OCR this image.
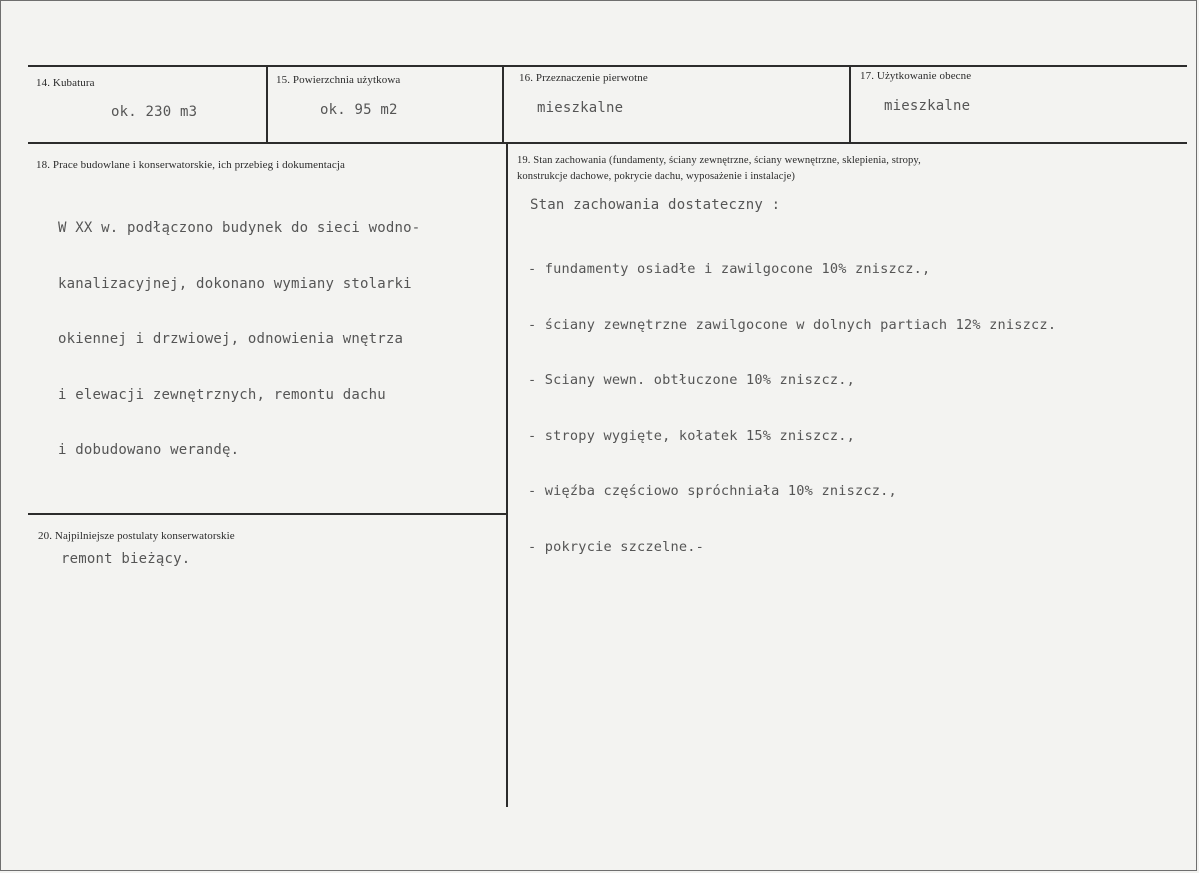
14. Kubatura
ok. 230 m3
15. Powierzchnia użytkowa
ok. 95 m2
16. Przeznaczenie pierwotne
mieszkalne
17. Użytkowanie obecne
mieszkalne
18. Prace budowlane i konserwatorskie, ich przebieg i dokumentacja

W XX w. podłączono budynek do sieci wodno-

kanalizacyjnej, dokonano wymiany stolarki

okiennej i drzwiowej, odnowienia wnętrza

i elewacji zewnętrznych, remontu dachu

i dobudowano werandę.

19. Stan zachowania (fundamenty, ściany zewnętrzne, ściany wewnętrzne, sklepienia, stropy,
konstrukcje dachowe, pokrycie dachu, wyposażenie i instalacje)
Stan zachowania dostateczny :

- fundamenty osiadłe i zawilgocone 10% zniszcz.,

- ściany zewnętrzne zawilgocone w dolnych partiach 12% zniszcz.

- Sciany wewn. obtłuczone 10% zniszcz.,

- stropy wygięte, kołatek 15% zniszcz.,

- więźba częściowo spróchniała 10% zniszcz.,

- pokrycie szczelne.-

20. Najpilniejsze postulaty konserwatorskie
remont bieżący.
